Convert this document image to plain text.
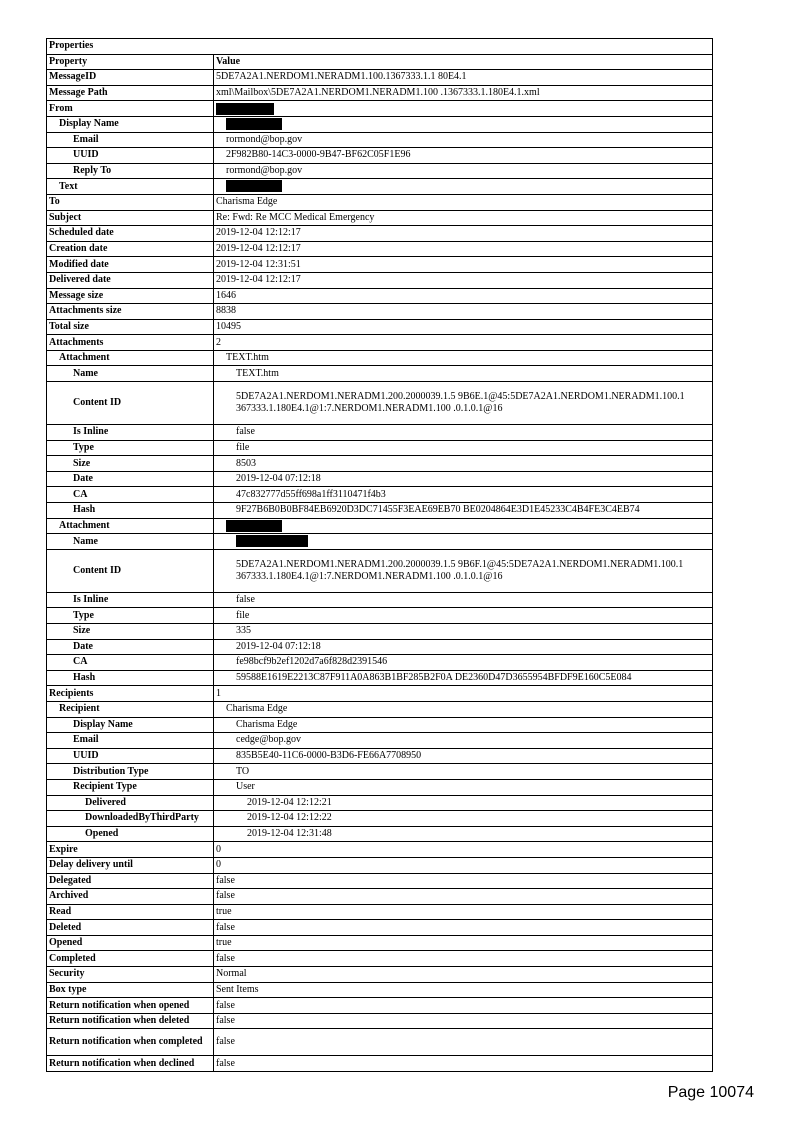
Properties	
Property	Value
MessageID	5DE7A2A1.NERDOM1.NERADM1.100.1367333.1.1 80E4.1
Message Path	xml\Mailbox\5DE7A2A1.NERDOM1.NERADM1.100 .1367333.1.180E4.1.xml
From	
Display Name	
Email	rormond@bop.gov
UUID	2F982B80-14C3-0000-9B47-BF62C05F1E96
Reply To	rormond@bop.gov
Text	
To	Charisma Edge
Subject	Re: Fwd: Re MCC Medical Emergency
Scheduled date	2019-12-04 12:12:17
Creation date	2019-12-04 12:12:17
Modified date	2019-12-04 12:31:51
Delivered date	2019-12-04 12:12:17
Message size	1646
Attachments size	8838
Total size	10495
Attachments	2
Attachment	TEXT.htm
Name	TEXT.htm
Content ID	5DE7A2A1.NERDOM1.NERADM1.200.2000039.1.5 9B6E.1@45:5DE7A2A1.NERDOM1.NERADM1.100.1 367333.1.180E4.1@1:7.NERDOM1.NERADM1.100 .0.1.0.1@16
Is Inline	false
Type	file
Size	8503
Date	2019-12-04 07:12:18
CA	47c832777d55ff698a1ff3110471f4b3
Hash	9F27B6B0B0BF84EB6920D3DC71455F3EAE69EB70 BE0204864E3D1E45233C4B4FE3C4EB74
Attachment	
Name	
Content ID	5DE7A2A1.NERDOM1.NERADM1.200.2000039.1.5 9B6F.1@45:5DE7A2A1.NERDOM1.NERADM1.100.1 367333.1.180E4.1@1:7.NERDOM1.NERADM1.100 .0.1.0.1@16
Is Inline	false
Type	file
Size	335
Date	2019-12-04 07:12:18
CA	fe98bcf9b2ef1202d7a6f828d2391546
Hash	59588E1619E2213C87F911A0A863B1BF285B2F0A DE2360D47D3655954BFDF9E160C5E084
Recipients	1
Recipient	Charisma Edge
Display Name	Charisma Edge
Email	cedge@bop.gov
UUID	835B5E40-11C6-0000-B3D6-FE66A7708950
Distribution Type	TO
Recipient Type	User
Delivered	2019-12-04 12:12:21
DownloadedByThirdParty	2019-12-04 12:12:22
Opened	2019-12-04 12:31:48
Expire	0
Delay delivery until	0
Delegated	false
Archived	false
Read	true
Deleted	false
Opened	true
Completed	false
Security	Normal
Box type	Sent Items
Return notification when opened	false
Return notification when deleted	false
Return notification when completed	false
Return notification when declined	false
Page 10074
